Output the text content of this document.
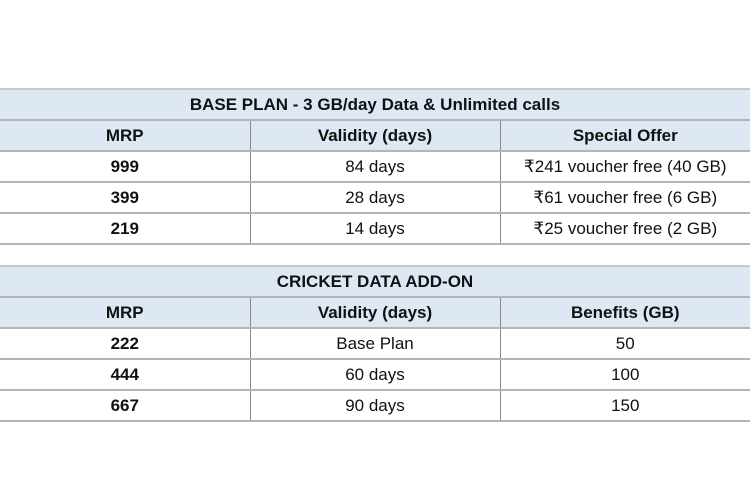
BASE PLAN - 3 GB/day Data & Unlimited calls		
MRP	Validity (days)	Special Offer
999	84 days	₹241 voucher free (40 GB)
399	28 days	₹61 voucher free (6 GB)
219	14 days	₹25 voucher free (2 GB)
CRICKET DATA ADD-ON		
MRP	Validity (days)	Benefits (GB)
222	Base Plan	50
444	60 days	100
667	90 days	150
